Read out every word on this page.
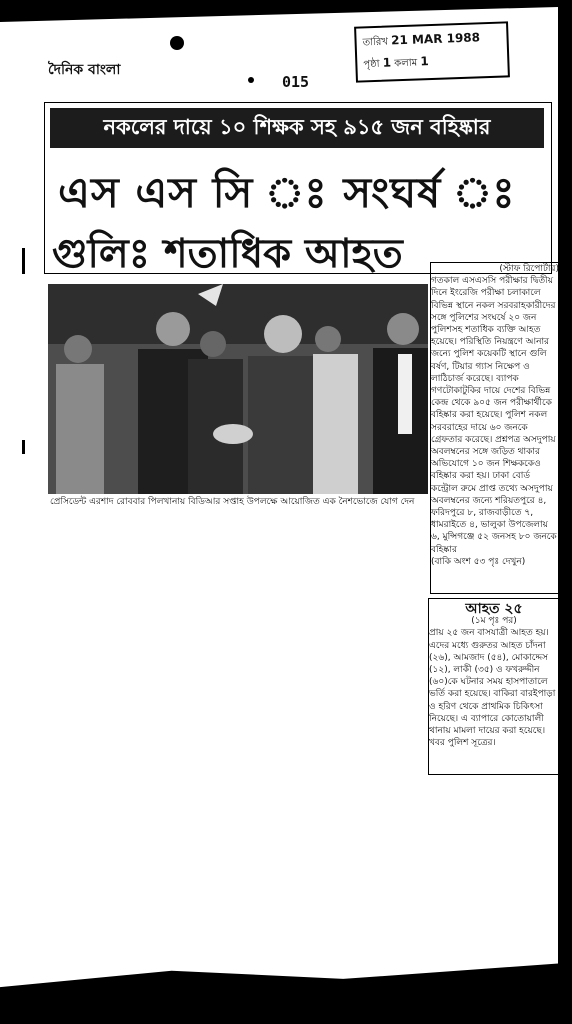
দৈনিক বাংলা
015
তারিখ 21 MAR 1988
পৃষ্ঠা 1 কলাম 1
নকলের দায়ে ১০ শিক্ষক সহ ৯১৫ জন বহিষ্কার
এস এস সি ঃ সংঘর্ষ ঃ
গুলিঃ শতাধিক আহত
প্রেসিডেন্ট এরশাদ রোববার পিলখানায় বিডিআর সপ্তাহ উপলক্ষে আয়োজিত এক নৈশভোজে যোগ দেন
(স্টাফ রিপোর্টার)
গতকাল এসএসসি পরীক্ষার দ্বিতীয় দিনে ইংরেজি পরীক্ষা চলাকালে বিভিন্ন স্থানে নকল সরবরাহকারীদের সঙ্গে পুলিশের সংঘর্ষে ২০ জন পুলিশসহ শতাধিক ব্যক্তি আহত হয়েছে। পরিস্থিতি নিয়ন্ত্রণে আনার জন্যে পুলিশ কয়েকটি স্থানে গুলি বর্ষণ, টিয়ার গ্যাস নিক্ষেপ ও লাঠিচার্জ করেছে। ব্যাপক গণটোকাটুকির দায়ে দেশের বিভিন্ন কেন্দ্র থেকে ৯০৫ জন পরীক্ষার্থীকে বহিষ্কার করা হয়েছে। পুলিশ নকল সরবরাহের দায়ে ৬০ জনকে গ্রেফতার করেছে। প্রশ্নপত্র অসদুপায় অবলম্বনের সঙ্গে জড়িত থাকার অভিযোগে ১০ জন শিক্ষককেও বহিষ্কার করা হয়। ঢাকা বোর্ড কন্ট্রোল রুমে প্রাপ্ত তথ্যে অসদুপায় অবলম্বনের জন্যে শরিয়তপুরে ৪, ফরিদপুরে ৮, রাজবাড়ীতে ৭, ধামরাইতে ৪, ভালুকা উপজেলায় ৬, মুন্সিগঞ্জে ৫২ জনসহ ৮০ জনকে বহিষ্কার
(বাকি অংশ ৫৩ পৃঃ দেখুন)
আহত ২৫
(১ম পৃঃ পর)
প্রায় ২৫ জন বাসযাত্রী আহত হয়। এদের মধ্যে গুরুতর আহত চাঁদনা (২৬), আমজাদ (৫৪), মোকাদ্দেস (১২), লাকী (৩৫) ও ফখরুদ্দীন (৬০)কে ঘটনার সময় হাসপাতালে ভর্তি করা হয়েছে। বাকিরা বারইপাড়া ও হরিণ থেকে প্রাথমিক চিকিৎসা নিয়েছে। এ ব্যাপারে কোতোয়ালী থানায় মামলা দায়ের করা হয়েছে। খবর পুলিশ সূত্রের।
